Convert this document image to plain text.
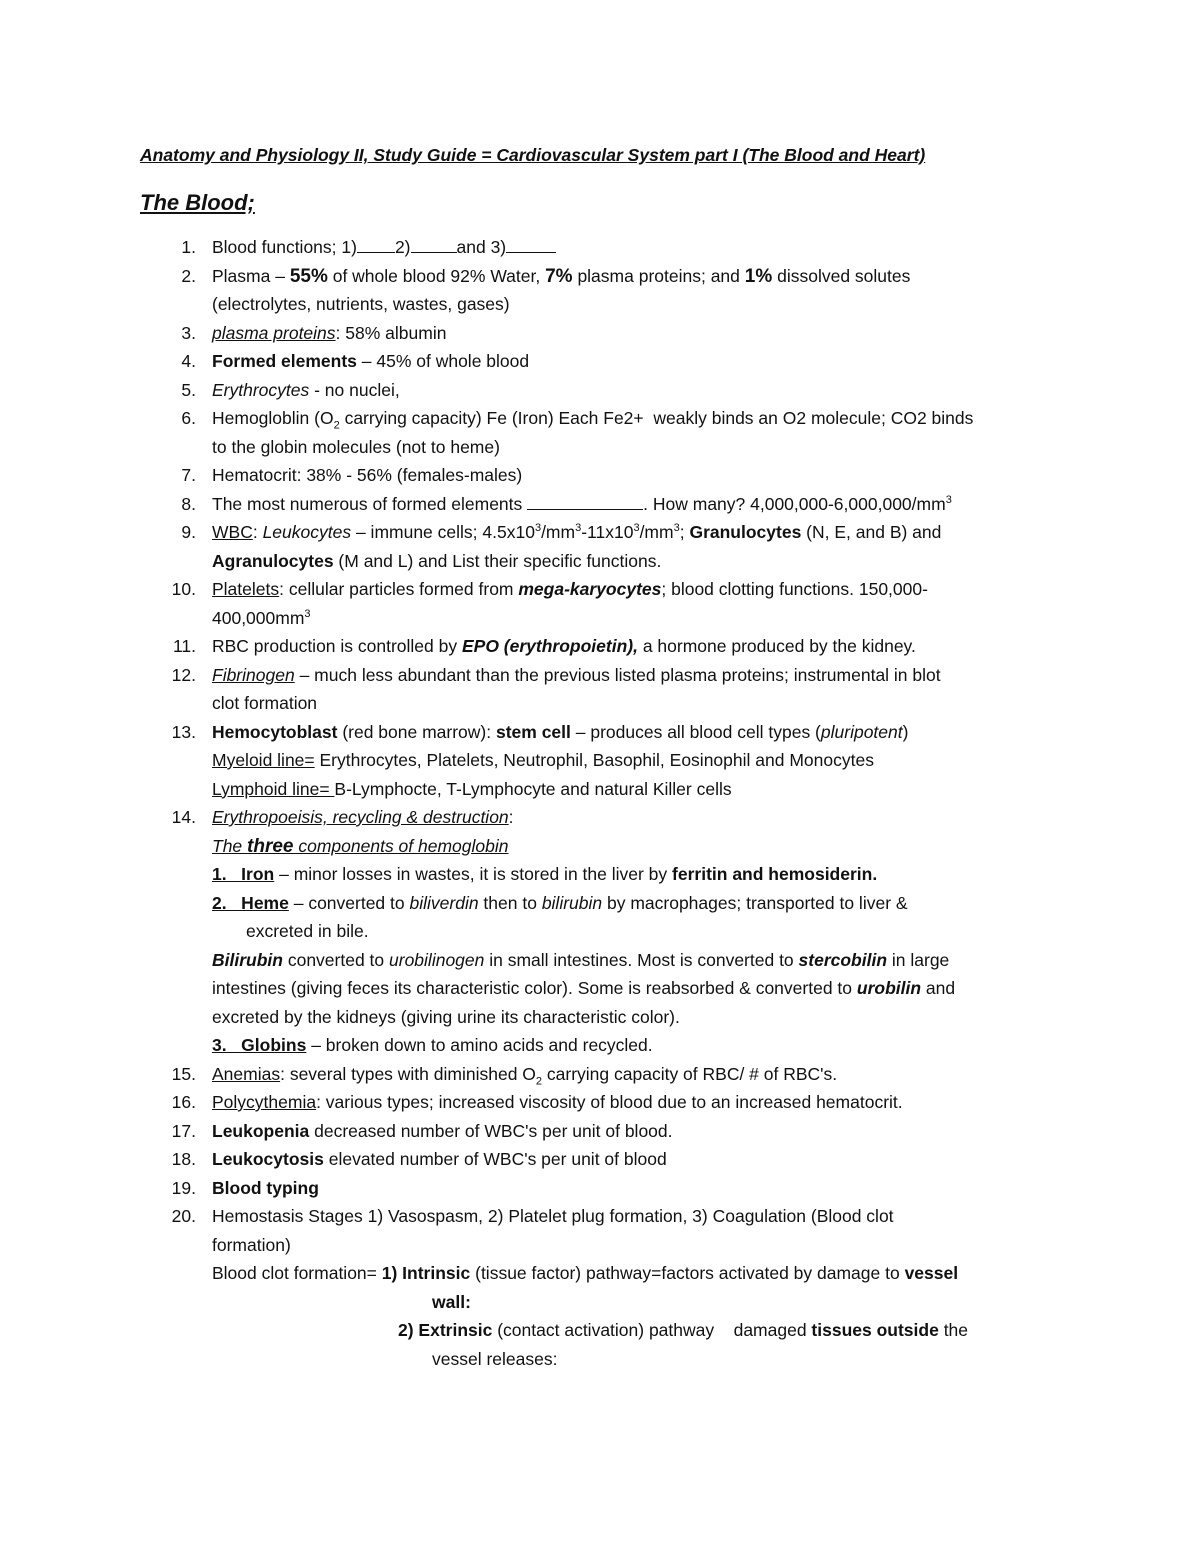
Anatomy and Physiology II, Study Guide = Cardiovascular System part I (The Blood and Heart)
The Blood;
1. Blood functions; 1) 2)	and 3)
2. Plasma – 55% of whole blood 92% Water, 7% plasma proteins; and 1% dissolved solutes
(electrolytes, nutrients, wastes, gases)
3. plasma proteins: 58% albumin
4. Formed elements – 45% of whole blood
5. Erythrocytes - no nuclei,
6. Hemogloblin ($O_2$ carrying capacity) Fe (Iron) Each Fe2+  weakly binds an O2 molecule; CO2 binds
to the globin molecules (not to heme)
7. Hematocrit: 38% - 56% (females-males)
8. The most numerous of formed elements	. How many? $4,000,000-6,000,000/mm^3$
9. WBC: Leukocytes – immune cells; $4.5x10^3/mm^3-11x10^3/mm^3$; Granulocytes (N, E, and B) and
Agranulocytes (M and L) and List their specific functions.
10. Platelets: cellular particles formed from mega-karyocytes; blood clotting functions. 150,000-
$400,000mm^3$
11. RBC production is controlled by EPO (erythropoietin), a hormone produced by the kidney.
12. Fibrinogen – much less abundant than the previous listed plasma proteins; instrumental in blot
clot formation
13. Hemocytoblast (red bone marrow): stem cell – produces all blood cell types (pluripotent)
Myeloid line= Erythrocytes, Platelets, Neutrophil, Basophil, Eosinophil and Monocytes
Lymphoid line= B-Lymphocte, T-Lymphocyte and natural Killer cells
14. Erythropoeisis, recycling & destruction:
The three components of hemoglobin
1.   Iron – minor losses in wastes, it is stored in the liver by ferritin and hemosiderin.
2.   Heme – converted to biliverdin then to bilirubin by macrophages; transported to liver &
excreted in bile.
Bilirubin converted to urobilinogen in small intestines. Most is converted to stercobilin in large
intestines (giving feces its characteristic color). Some is reabsorbed & converted to urobilin and
excreted by the kidneys (giving urine its characteristic color).
3.   Globins – broken down to amino acids and recycled.
15. Anemias: several types with diminished $O_2$ carrying capacity of RBC/ # of RBC's.
16. Polycythemia: various types; increased viscosity of blood due to an increased hematocrit.
17. Leukopenia decreased number of WBC's per unit of blood.
18. Leukocytosis elevated number of WBC's per unit of blood
19. Blood typing
20. Hemostasis Stages 1) Vasospasm, 2) Platelet plug formation, 3) Coagulation (Blood clot
formation)
Blood clot formation= 1) Intrinsic (tissue factor) pathway=factors activated by damage to vessel
wall:
2) Extrinsic (contact activation) pathway    damaged tissues outside the
vessel releases:
